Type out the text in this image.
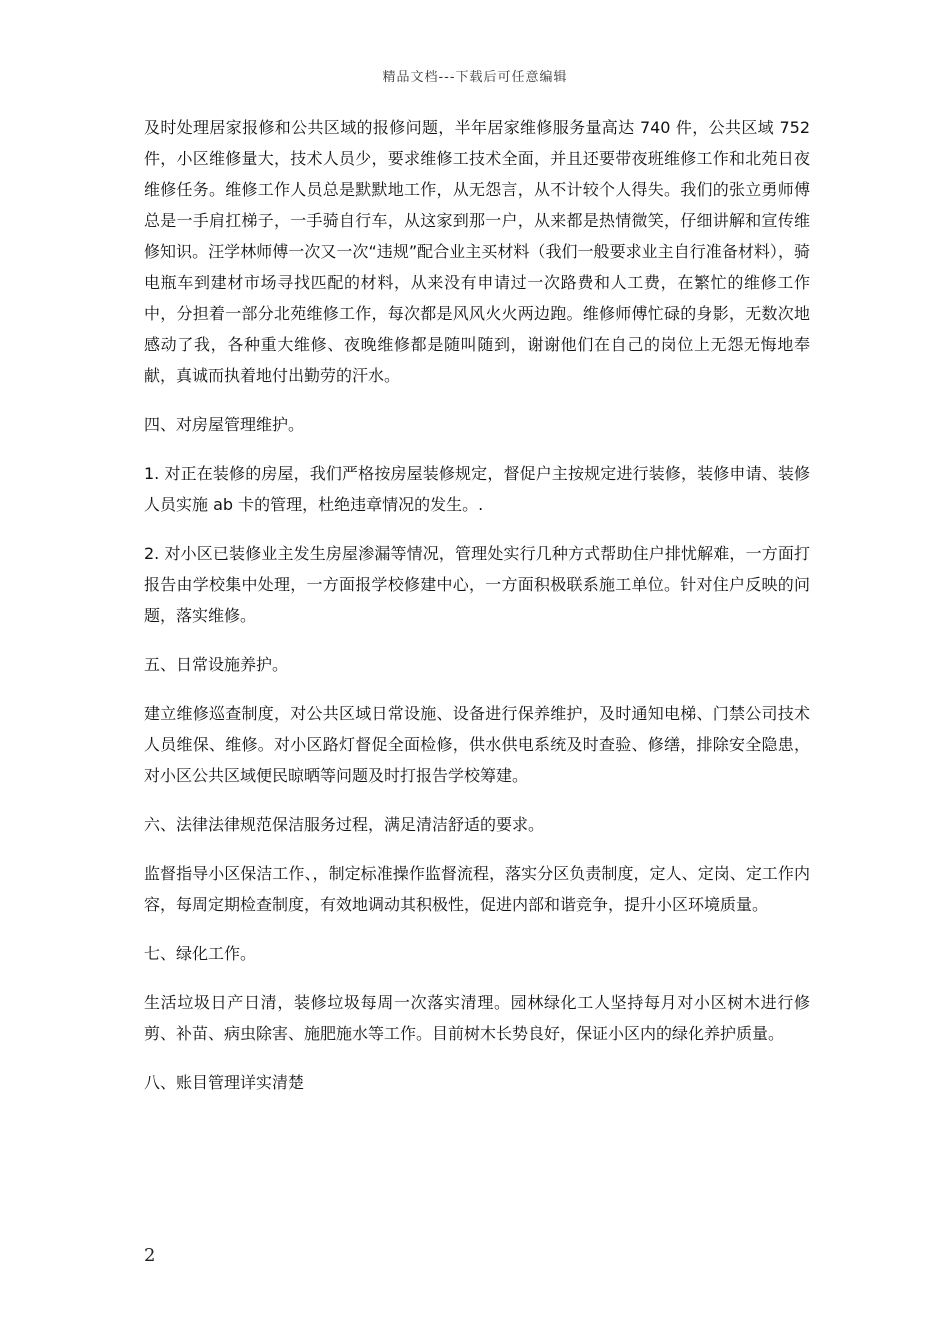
精品文档---下载后可任意编辑

及时处理居家报修和公共区域的报修问题，半年居家维修服务量高达 740 件，公共区域 752 件，小区维修量大，技术人员少，要求维修工技术全面，并且还要带夜班维修工作和北苑日夜维修任务。维修工作人员总是默默地工作，从无怨言，从不计较个人得失。我们的张立勇师傅总是一手肩扛梯子，一手骑自行车，从这家到那一户，从来都是热情微笑，仔细讲解和宣传维修知识。汪学林师傅一次又一次“违规”配合业主买材料（我们一般要求业主自行准备材料），骑电瓶车到建材市场寻找匹配的材料，从来没有申请过一次路费和人工费，在繁忙的维修工作中，分担着一部分北苑维修工作，每次都是风风火火两边跑。维修师傅忙碌的身影，无数次地感动了我，各种重大维修、夜晚维修都是随叫随到，谢谢他们在自己的岗位上无怨无悔地奉献，真诚而执着地付出勤劳的汗水。

四、对房屋管理维护。

1. 对正在装修的房屋，我们严格按房屋装修规定，督促户主按规定进行装修，装修申请、装修人员实施 ab 卡的管理，杜绝违章情况的发生。.

2. 对小区已装修业主发生房屋渗漏等情况，管理处实行几种方式帮助住户排忧解难，一方面打报告由学校集中处理，一方面报学校修建中心，一方面积极联系施工单位。针对住户反映的问题，落实维修。

五、日常设施养护。

建立维修巡查制度，对公共区域日常设施、设备进行保养维护，及时通知电梯、门禁公司技术人员维保、维修。对小区路灯督促全面检修，供水供电系统及时查验、修缮，排除安全隐患，对小区公共区域便民晾晒等问题及时打报告学校筹建。

六、法律法律规范保洁服务过程，满足清洁舒适的要求。

监督指导小区保洁工作、，制定标准操作监督流程，落实分区负责制度，定人、定岗、定工作内容，每周定期检查制度，有效地调动其积极性，促进内部和谐竞争，提升小区环境质量。

七、绿化工作。

生活垃圾日产日清，装修垃圾每周一次落实清理。园林绿化工人坚持每月对小区树木进行修剪、补苗、病虫除害、施肥施水等工作。目前树木长势良好，保证小区内的绿化养护质量。

八、账目管理详实清楚

2
